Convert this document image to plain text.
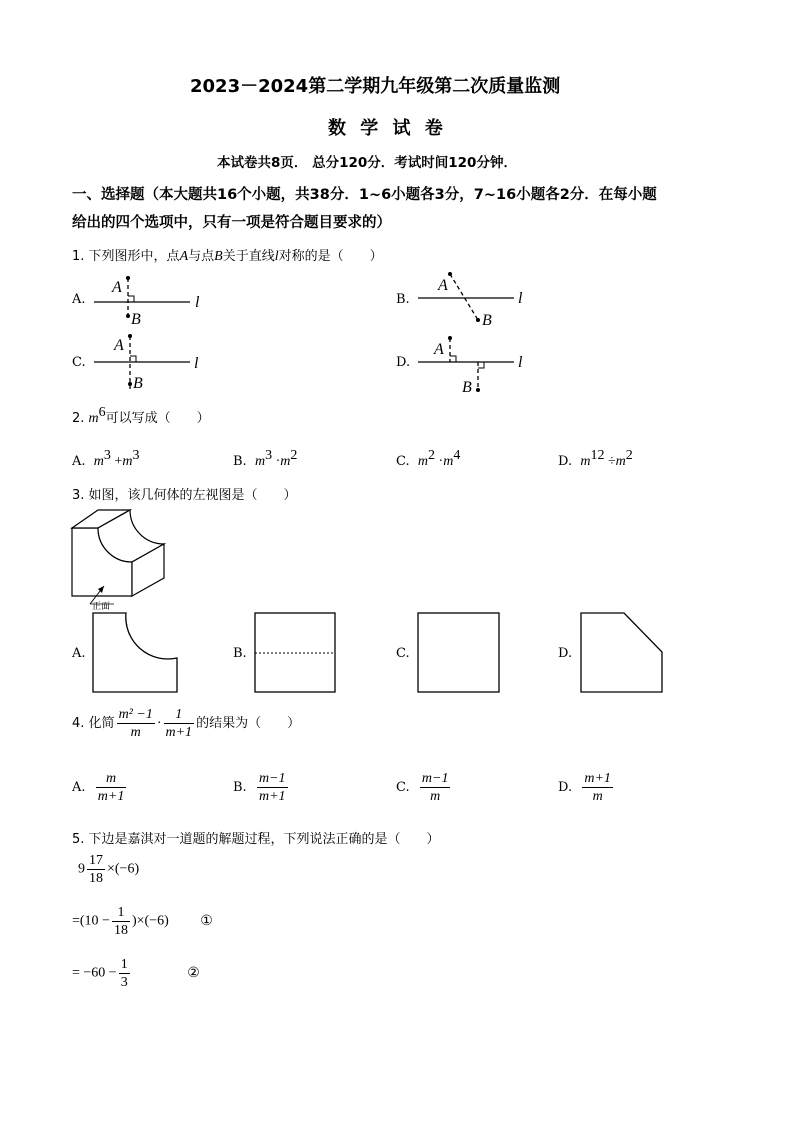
2023－2024第二学期九年级第二次质量监测
数 学 试 卷
本试卷共8页． 总分120分．考试时间120分钟．
一、选择题（本大题共16个小题，共38分．1~6小题各3分，7~16小题各2分．在每小题
给出的四个选项中，只有一项是符合题目要求的）
1. 下列图形中，点A与点B关于直线l对称的是（　　）
A.
A
B
l	B.
A
B
l
C.
A
B
l	D.
A
B
l
2. $m^6$可以写成（　　）
A. $m^3 +m^3$	B. $m^3 \cdot m^2$	C. $m^2 \cdot m^4$	D. $m^{12} \div m^2$
3. 如图，该几何体的左视图是（　　）
正面
A.	B.	C.	D.
4. 化简 $\frac{\text{m² −1}}{m} \cdot \frac{1}{m+1}$ 的结果为（　　）
A. $\frac{m}{m+1}$	B. $\frac{m-1}{m+1}$	C. $\frac{m-1}{m}$	D. $\frac{m+1}{m}$
5. 下边是嘉淇对一道题的解题过程，下列说法正确的是（　　）
$9 \frac{17}{18} \times(-6)$
$=(10 - \frac{1}{18} )\times(-6)$ ①
= $-60 - \frac{1}{3}$	②
